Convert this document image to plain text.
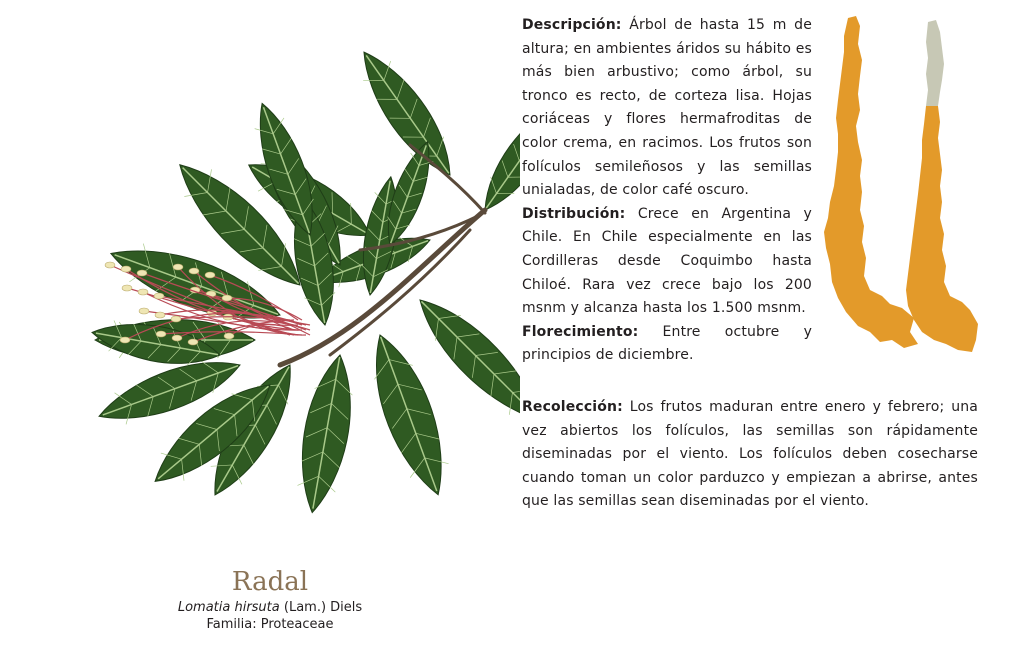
Radal
Lomatia hirsuta (Lam.) Diels
Familia: Proteaceae

Descripción: Árbol de hasta 15 m de altura; en ambientes áridos su hábito es más bien arbustivo; como árbol, su tronco es recto, de corteza lisa. Hojas coriáceas y flores hermafroditas de color crema, en racimos. Los frutos son folículos semileñosos y las semillas unialadas, de color café oscuro.

Distribución: Crece en Argentina y Chile. En Chile especialmente en las Cordilleras desde Coquimbo hasta Chiloé. Rara vez crece bajo los 200 msnm y alcanza hasta los 1.500 msnm.

Florecimiento: Entre octubre y principios de diciembre.

Recolección: Los frutos maduran entre enero y febrero; una vez abiertos los folículos, las semillas son rápidamente diseminadas por el viento. Los folículos deben cosecharse cuando toman un color parduzco y empiezan a abrirse, antes que las semillas sean diseminadas por el viento.
